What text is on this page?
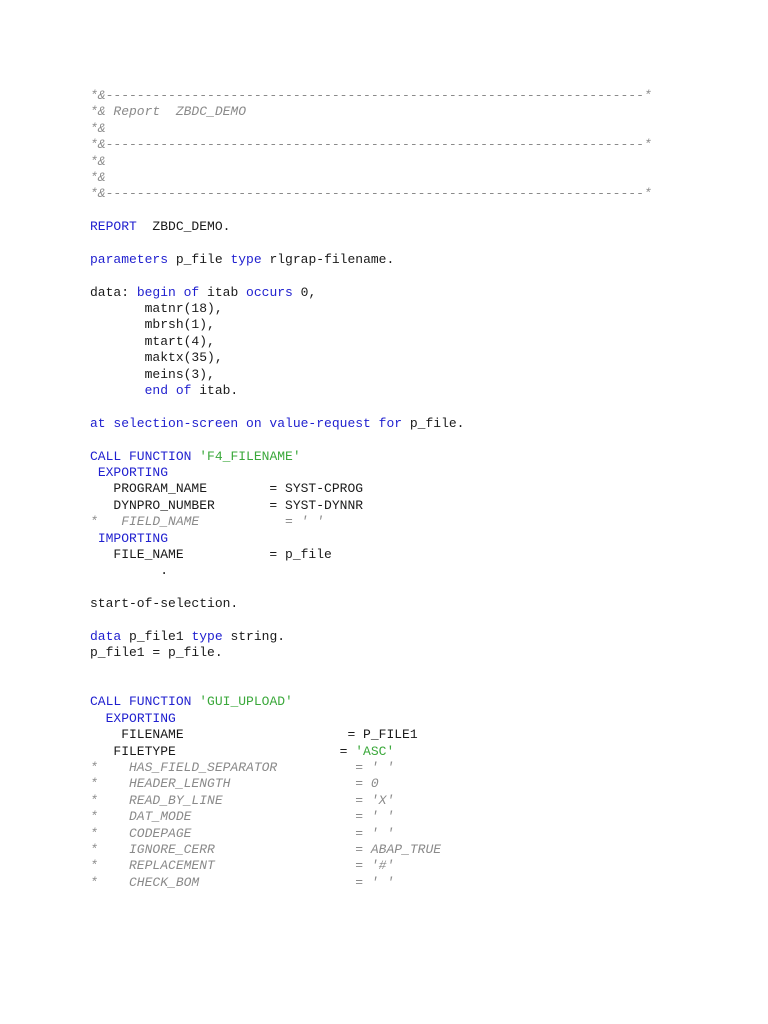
*&---------------------------------------------------------------------*
*& Report  ZBDC_DEMO
*&
*&---------------------------------------------------------------------*
*&
*&
*&---------------------------------------------------------------------*
REPORT  ZBDC_DEMO.
parameters p_file type rlgrap-filename.
data: begin of itab occurs 0,
matnr(18),
mbrsh(1),
mtart(4),
maktx(35),
meins(3),
end of itab.
at selection-screen on value-request for p_file.
CALL FUNCTION 'F4_FILENAME'
EXPORTING
PROGRAM_NAME        = SYST-CPROG
DYNPRO_NUMBER       = SYST-DYNNR
*   FIELD_NAME           = ' '
IMPORTING
FILE_NAME           = p_file
.
start-of-selection.
data p_file1 type string.
p_file1 = p_file.
CALL FUNCTION 'GUI_UPLOAD'
EXPORTING
FILENAME                     = P_FILE1
FILETYPE                     = 'ASC'
*    HAS_FIELD_SEPARATOR          = ' '
*    HEADER_LENGTH                = 0
*    READ_BY_LINE                 = 'X'
*    DAT_MODE                     = ' '
*    CODEPAGE                     = ' '
*    IGNORE_CERR                  = ABAP_TRUE
*    REPLACEMENT                  = '#'
*    CHECK_BOM                    = ' '
